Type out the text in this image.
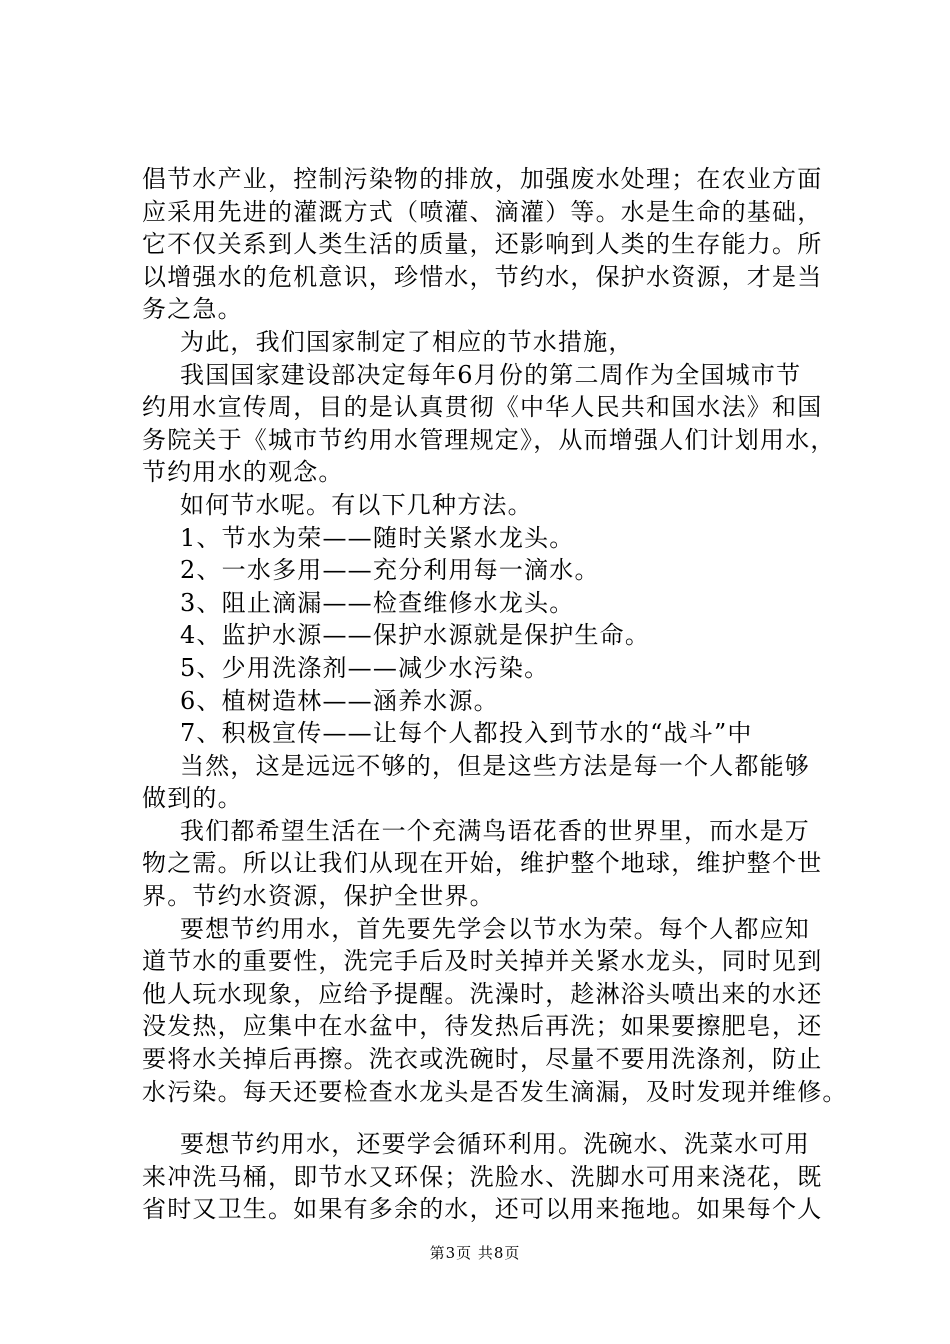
倡节水产业，控制污染物的排放，加强废水处理；在农业方面
应采用先进的灌溉方式（喷灌、滴灌）等。水是生命的基础，
它不仅关系到人类生活的质量，还影响到人类的生存能力。所
以增强水的危机意识，珍惜水，节约水，保护水资源，才是当
务之急。
为此，我们国家制定了相应的节水措施，
我国国家建设部决定每年6月份的第二周作为全国城市节
约用水宣传周，目的是认真贯彻《中华人民共和国水法》和国
务院关于《城市节约用水管理规定》，从而增强人们计划用水，
节约用水的观念。
如何节水呢。有以下几种方法。
1、节水为荣——随时关紧水龙头。
2、一水多用——充分利用每一滴水。
3、阻止滴漏——检查维修水龙头。
4、监护水源——保护水源就是保护生命。
5、少用洗涤剂——减少水污染。
6、植树造林——涵养水源。
7、积极宣传——让每个人都投入到节水的“战斗”中
当然，这是远远不够的，但是这些方法是每一个人都能够
做到的。
我们都希望生活在一个充满鸟语花香的世界里，而水是万
物之需。所以让我们从现在开始，维护整个地球，维护整个世
界。节约水资源，保护全世界。
要想节约用水，首先要先学会以节水为荣。每个人都应知
道节水的重要性，洗完手后及时关掉并关紧水龙头，同时见到
他人玩水现象，应给予提醒。洗澡时，趁淋浴头喷出来的水还
没发热，应集中在水盆中，待发热后再洗；如果要擦肥皂，还
要将水关掉后再擦。洗衣或洗碗时，尽量不要用洗涤剂，防止
水污染。每天还要检查水龙头是否发生滴漏，及时发现并维修。
要想节约用水，还要学会循环利用。洗碗水、洗菜水可用
来冲洗马桶，即节水又环保；洗脸水、洗脚水可用来浇花，既
省时又卫生。如果有多余的水，还可以用来拖地。如果每个人
第3页 共8页
